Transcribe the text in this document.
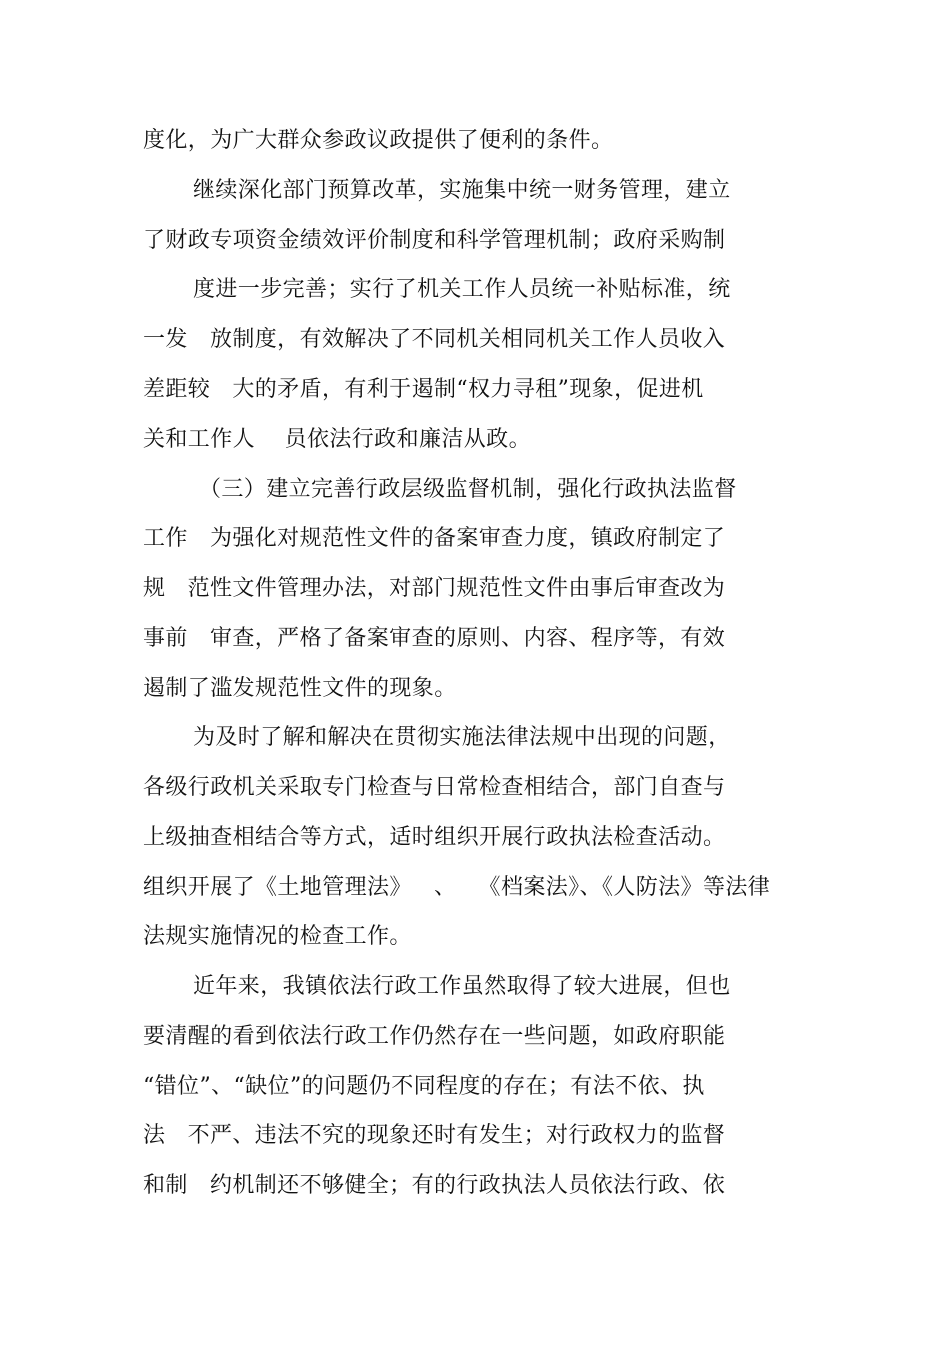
度化，为广大群众参政议政提供了便利的条件。
继续深化部门预算改革，实施集中统一财务管理，建立
了财政专项资金绩效评价制度和科学管理机制；政府采购制
度进一步完善；实行了机关工作人员统一补贴标准，统
一发   放制度，有效解决了不同机关相同机关工作人员收入
差距较   大的矛盾，有利于遏制“权力寻租”现象，促进机
关和工作人    员依法行政和廉洁从政。
（三）建立完善行政层级监督机制，强化行政执法监督
工作   为强化对规范性文件的备案审查力度，镇政府制定了
规   范性文件管理办法，对部门规范性文件由事后审查改为
事前   审查，严格了备案审查的原则、内容、程序等，有效
遏制了滥发规范性文件的现象。
为及时了解和解决在贯彻实施法律法规中出现的问题，
各级行政机关采取专门检查与日常检查相结合，部门自查与
上级抽查相结合等方式，适时组织开展行政执法检查活动。
组织开展了《土地管理法》   、   《档案法》、《人防法》等法律
法规实施情况的检查工作。
近年来，我镇依法行政工作虽然取得了较大进展，但也
要清醒的看到依法行政工作仍然存在一些问题，如政府职能
“错位”、“缺位”的问题仍不同程度的存在；有法不依、执
法   不严、违法不究的现象还时有发生；对行政权力的监督
和制   约机制还不够健全；有的行政执法人员依法行政、依
